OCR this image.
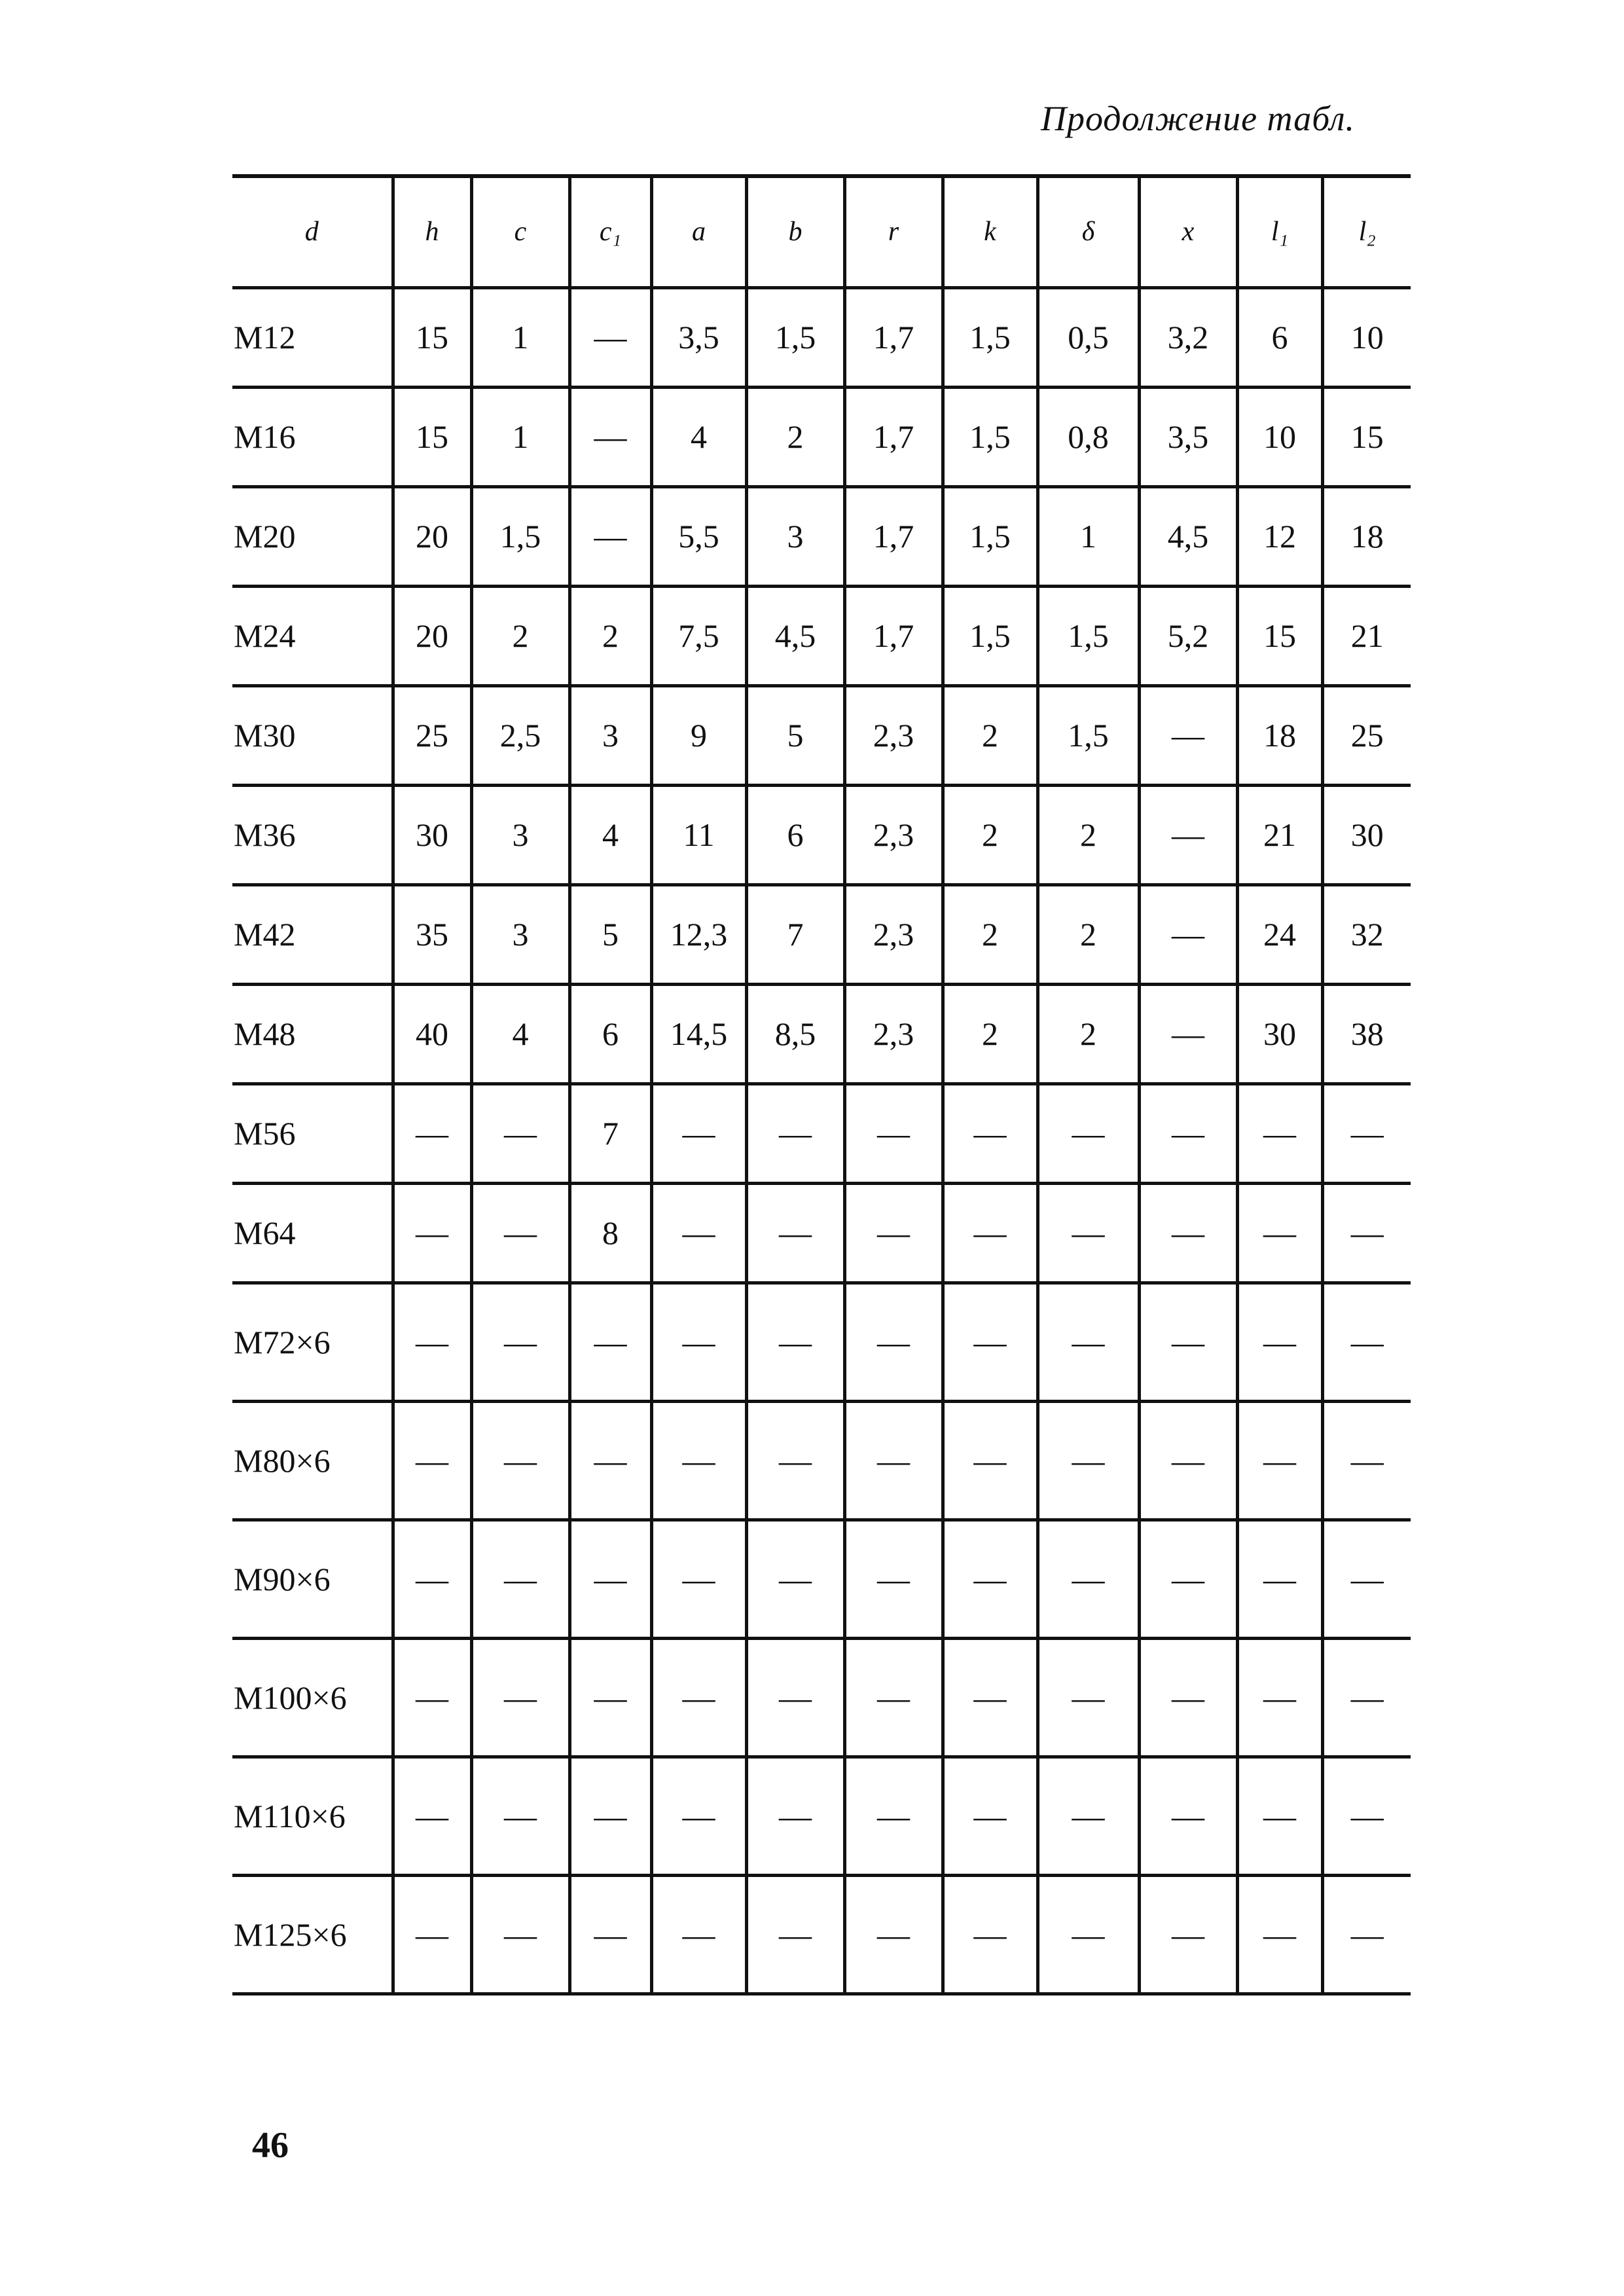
Продолжение табл.
d	h	c	c₁	a	b	r	k	δ	x	l₁	l₂
M12	15	1	—	3,5	1,5	1,7	1,5	0,5	3,2	6	10
M16	15	1	—	4	2	1,7	1,5	0,8	3,5	10	15
M20	20	1,5	—	5,5	3	1,7	1,5	1	4,5	12	18
M24	20	2	2	7,5	4,5	1,7	1,5	1,5	5,2	15	21
M30	25	2,5	3	9	5	2,3	2	1,5	—	18	25
M36	30	3	4	11	6	2,3	2	2	—	21	30
M42	35	3	5	12,3	7	2,3	2	2	—	24	32
M48	40	4	6	14,5	8,5	2,3	2	2	—	30	38
M56	—	—	7	—	—	—	—	—	—	—	—
M64	—	—	8	—	—	—	—	—	—	—	—
M72×6	—	—	—	—	—	—	—	—	—	—	—
M80×6	—	—	—	—	—	—	—	—	—	—	—
M90×6	—	—	—	—	—	—	—	—	—	—	—
M100×6	—	—	—	—	—	—	—	—	—	—	—
M110×6	—	—	—	—	—	—	—	—	—	—	—
M125×6	—	—	—	—	—	—	—	—	—	—	—
46
